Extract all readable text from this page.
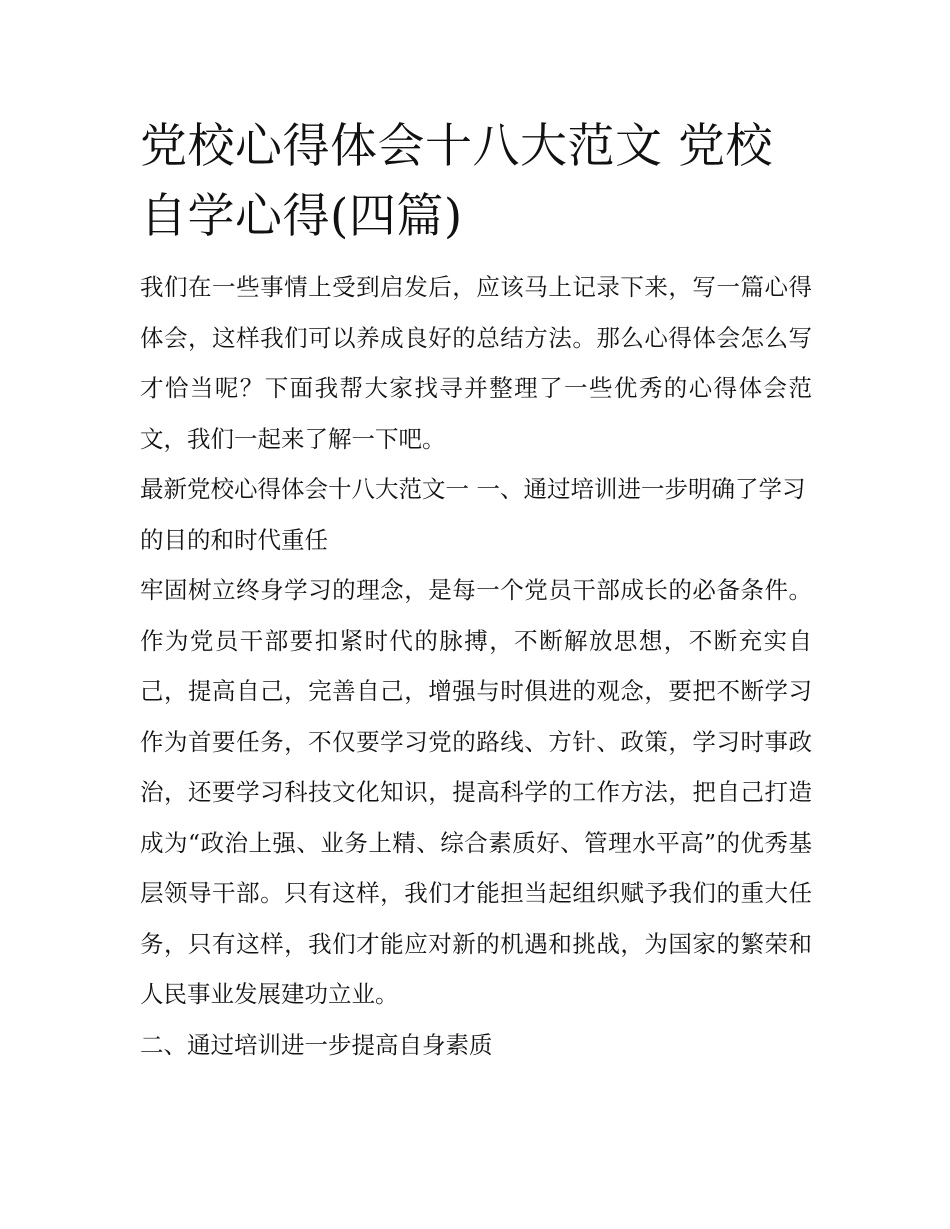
党校心得体会十八大范文 党校自学心得(四篇)

我们在一些事情上受到启发后，应该马上记录下来，写一篇心得体会，这样我们可以养成良好的总结方法。那么心得体会怎么写才恰当呢？下面我帮大家找寻并整理了一些优秀的心得体会范文，我们一起来了解一下吧。

最新党校心得体会十八大范文一 一、通过培训进一步明确了学习的目的和时代重任

牢固树立终身学习的理念，是每一个党员干部成长的必备条件。作为党员干部要扣紧时代的脉搏，不断解放思想，不断充实自己，提高自己，完善自己，增强与时俱进的观念，要把不断学习作为首要任务，不仅要学习党的路线、方针、政策，学习时事政治，还要学习科技文化知识，提高科学的工作方法，把自己打造成为“政治上强、业务上精、综合素质好、管理水平高”的优秀基层领导干部。只有这样，我们才能担当起组织赋予我们的重大任务，只有这样，我们才能应对新的机遇和挑战，为国家的繁荣和人民事业发展建功立业。

二、通过培训进一步提高自身素质
